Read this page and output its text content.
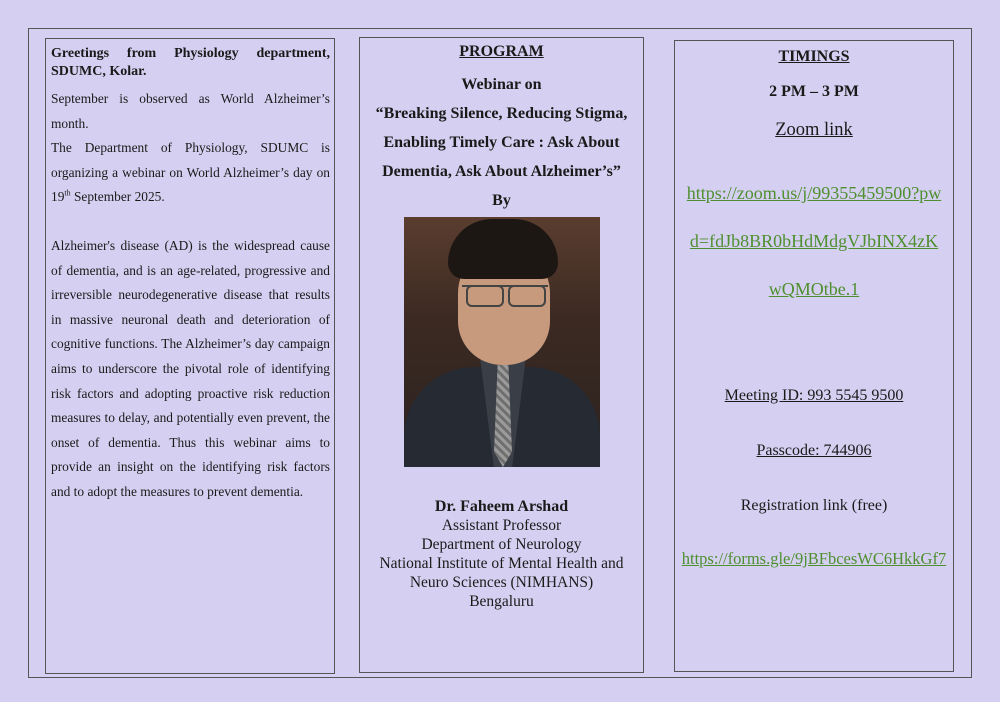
Greetings from Physiology department, SDUMC, Kolar.

September is observed as World Alzheimer’s month.

The Department of Physiology, SDUMC is organizing a webinar on World Alzheimer’s day on 19th September 2025.

Alzheimer's disease (AD) is the widespread cause of dementia, and is an age-related, progressive and irreversible neurodegenerative disease that results in massive neuronal death and deterioration of cognitive functions. The Alzheimer’s day campaign aims to underscore the pivotal role of identifying risk factors and adopting proactive risk reduction measures to delay, and potentially even prevent, the onset of dementia. Thus this webinar aims to provide an insight on the identifying risk factors and to adopt the measures to prevent dementia.

PROGRAM
Webinar on
“Breaking Silence, Reducing Stigma,
Enabling Timely Care : Ask About
Dementia, Ask About Alzheimer’s”
By
Dr. Faheem Arshad
Assistant Professor
Department of Neurology
National Institute of Mental Health and
Neuro Sciences (NIMHANS)
Bengaluru
TIMINGS
2 PM – 3 PM
Zoom link
https://zoom.us/j/99355459500?pw
d=fdJb8BR0bHdMdgVJbINX4zK
wQMOtbe.1
Meeting ID: 993 5545 9500
Passcode: 744906
Registration link (free)
https://forms.gle/9jBFbcesWC6HkkGf7
